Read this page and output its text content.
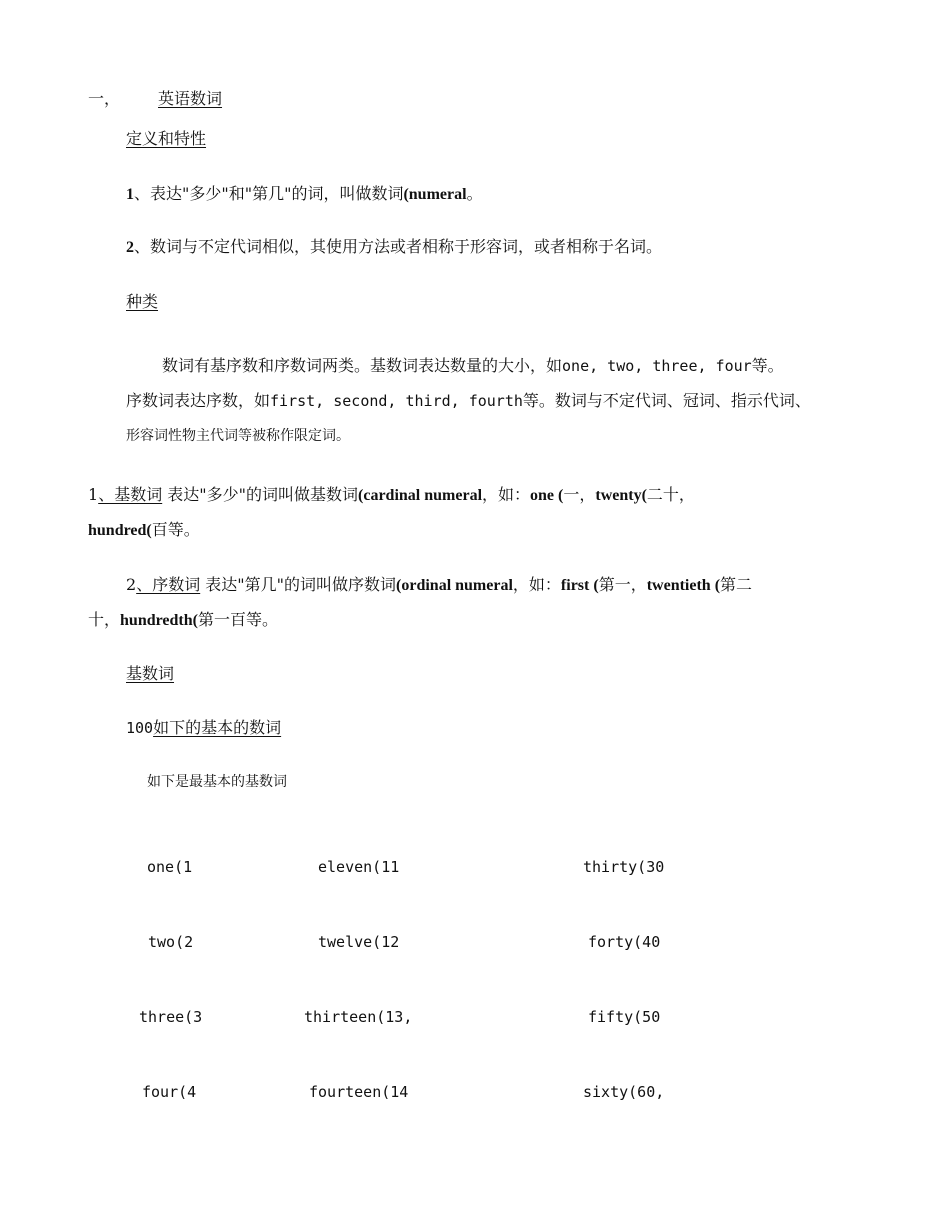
一， 英语数词
定义和特性
1、表达"多少"和"第几"的词，叫做数词(numeral。
2、数词与不定代词相似，其使用方法或者相称于形容词，或者相称于名词。
种类
数词有基序数和序数词两类。基数词表达数量的大小，如one, two, three, four等。
序数词表达序数，如first, second, third, fourth等。数词与不定代词、冠词、指示代词、
形容词性物主代词等被称作限定词。
1、基数词 表达"多少"的词叫做基数词(cardinal numeral，如：one (一，twenty(二十，
hundred(百等。
2、序数词 表达"第几"的词叫做序数词(ordinal numeral，如：first (第一，twentieth (第二
十，hundredth(第一百等。
基数词
100如下的基本的数词
如下是最基本的基数词
one(1	eleven(11	thirty(30
two(2	twelve(12	forty(40
three(3	thirteen(13,	fifty(50
four(4	fourteen(14	sixty(60,
